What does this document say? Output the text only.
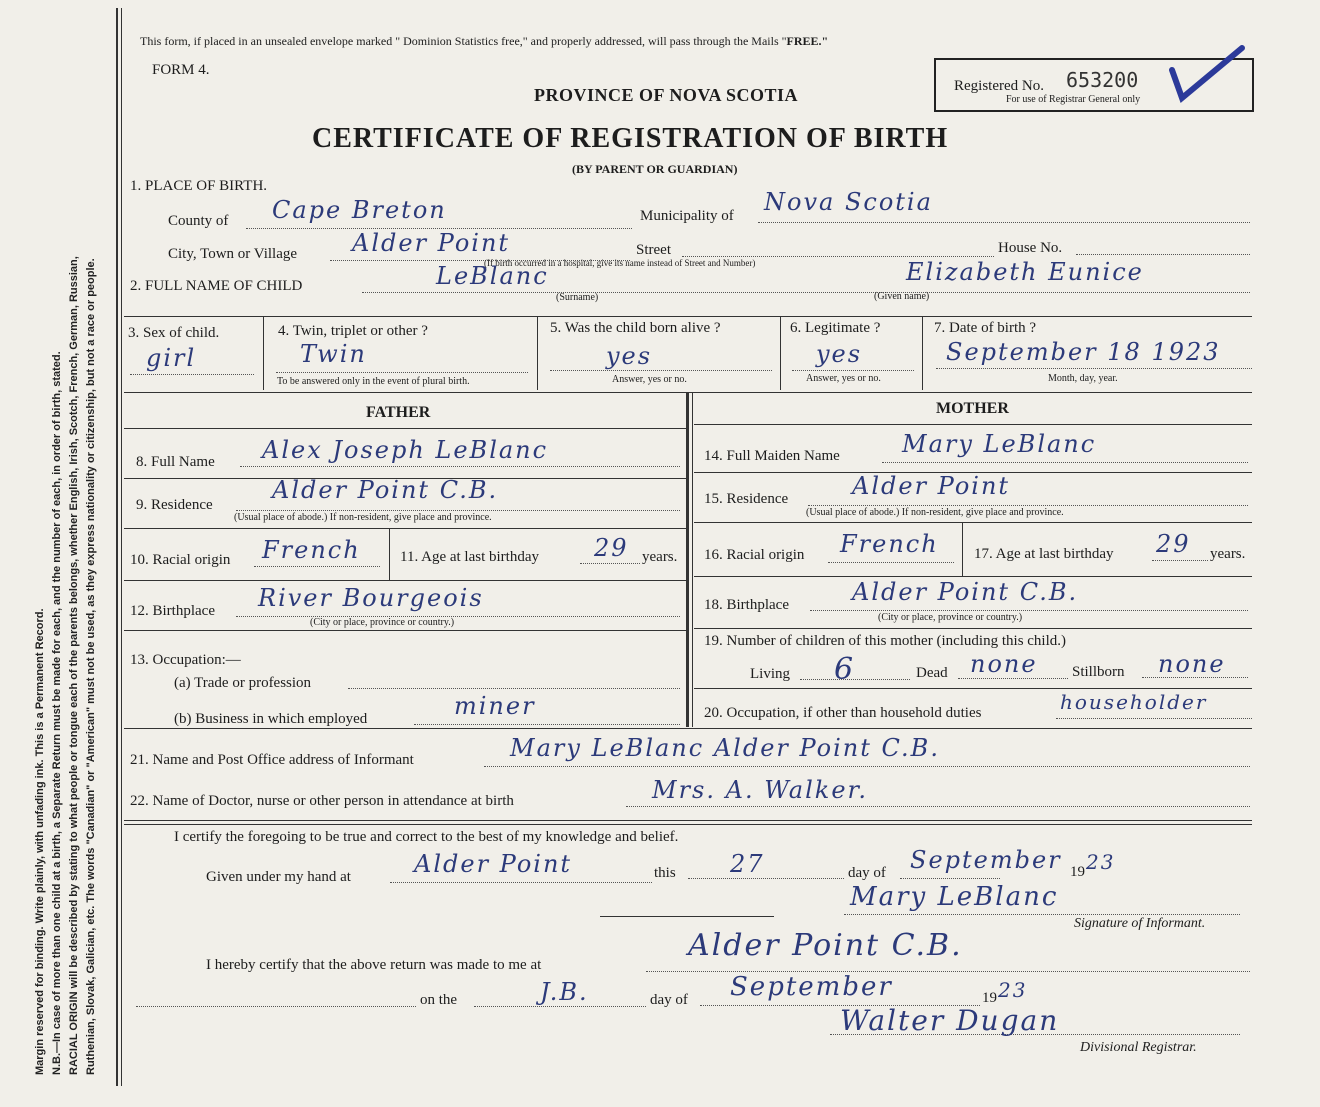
Margin reserved for binding. Write plainly, with unfading ink. This is a Permanent Record. N.B.—In case of more than one child at a birth, a Separate Return must be made for each, and the number of each, in order of birth, stated. RACIAL ORIGIN will be described by stating to what people or tongue each of the parents belongs, whether English, Irish, Scotch, French, German, Russian, Ruthenian, Slovak, Galician, etc. The words "Canadian" or "American" must not be used, as they express nationality or citizenship, but not a race or people.
This form, if placed in an unsealed envelope marked " Dominion Statistics free," and properly addressed, will pass through the Mails "FREE."
FORM 4.
PROVINCE OF NOVA SCOTIA
CERTIFICATE OF REGISTRATION OF BIRTH
(BY PARENT OR GUARDIAN)
Registered No. 653200
For use of Registrar General only
1. PLACE OF BIRTH.
County of Cape Breton	Municipality of Nova Scotia
City, Town or Village Alder Point	Street	House No.
(If birth occurred in a hospital, give its name instead of Street and Number)
2. FULL NAME OF CHILD	LeBlanc
(Surname)
Elizabeth Eunice
(Given name)
3. Sex of child.
girl
4. Twin, triplet or other ?
Twin
To be answered only in the event of plural birth.
5. Was the child born alive ?
yes
Answer, yes or no.
6. Legitimate ?
yes
Answer, yes or no.
7. Date of birth ?
September 18 1923
Month, day, year.
FATHER	MOTHER
8. Full Name Alex Joseph LeBlanc
9. Residence
Alder Point C.B.
(Usual place of abode.) If non-resident, give place and province.
10. Racial origin French	11. Age at last birthday 29 years.
12. Birthplace River Bourgeois
(City or place, province or country.)
13. Occupation:—
(a) Trade or profession
(b) Business in which employed	miner
14. Full Maiden Name	Mary LeBlanc
15. Residence	Alder Point
(Usual place of abode.) If non-resident, give place and province.
16. Racial origin French 17. Age at last birthday 29 years.
18. Birthplace	Alder Point C.B.
(City or place, province or country.)
19. Number of children of this mother (including this child.)
Living 6	Dead none Stillborn none
20. Occupation, if other than household duties	householder
21. Name and Post Office address of Informant	Mary LeBlanc Alder Point C.B.
22. Name of Doctor, nurse or other person in attendance at birth	Mrs. A. Walker.
I certify the foregoing to be true and correct to the best of my knowledge and belief.
Given under my hand at	Alder Point	this 27	day of September 19 23
Mary LeBlanc
Signature of Informant.
I hereby certify that the above return was made to me at
Alder Point C.B.
on the	J.B.	day of September	19 23
Walter Dugan
Divisional Registrar.
